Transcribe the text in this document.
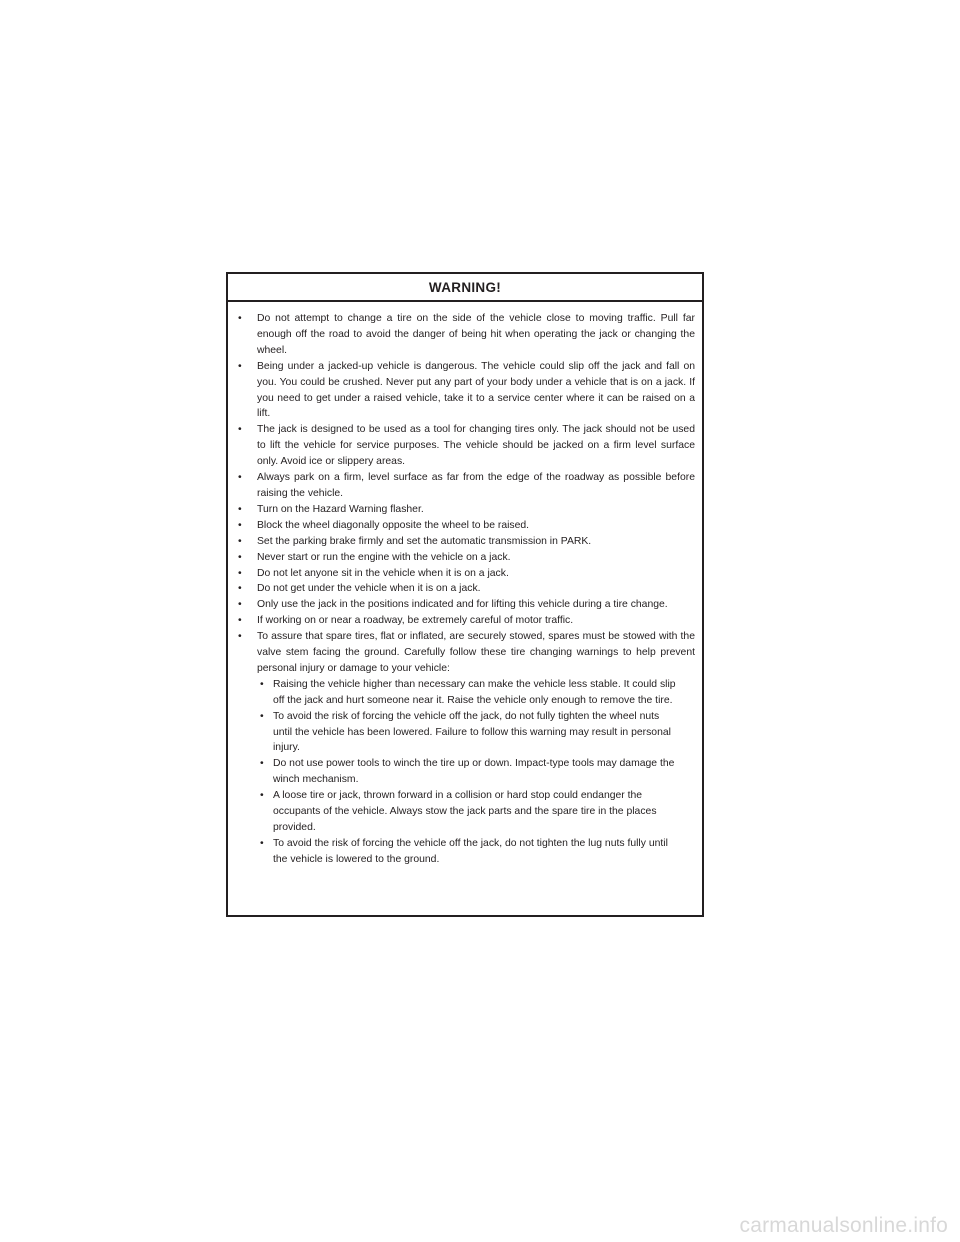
WARNING!
• Do not attempt to change a tire on the side of the vehicle close to moving traffic. Pull far enough off the road to avoid the danger of being hit when operating the jack or changing the wheel.
• Being under a jacked-up vehicle is dangerous. The vehicle could slip off the jack and fall on you. You could be crushed. Never put any part of your body under a vehicle that is on a jack. If you need to get under a raised vehicle, take it to a service center where it can be raised on a lift.
• The jack is designed to be used as a tool for changing tires only. The jack should not be used to lift the vehicle for service purposes. The vehicle should be jacked on a firm level surface only. Avoid ice or slippery areas.
• Always park on a firm, level surface as far from the edge of the roadway as possible before raising the vehicle.
• Turn on the Hazard Warning flasher.
• Block the wheel diagonally opposite the wheel to be raised.
• Set the parking brake firmly and set the automatic transmission in PARK.
• Never start or run the engine with the vehicle on a jack.
• Do not let anyone sit in the vehicle when it is on a jack.
• Do not get under the vehicle when it is on a jack.
• Only use the jack in the positions indicated and for lifting this vehicle during a tire change.
• If working on or near a roadway, be extremely careful of motor traffic.
• To assure that spare tires, flat or inflated, are securely stowed, spares must be stowed with the valve stem facing the ground. Carefully follow these tire changing warnings to help prevent personal injury or damage to your vehicle:
• Raising the vehicle higher than necessary can make the vehicle less stable. It could slip off the jack and hurt someone near it. Raise the vehicle only enough to remove the tire.
• To avoid the risk of forcing the vehicle off the jack, do not fully tighten the wheel nuts until the vehicle has been lowered. Failure to follow this warning may result in personal injury.
• Do not use power tools to winch the tire up or down. Impact-type tools may damage the winch mechanism.
• A loose tire or jack, thrown forward in a collision or hard stop could endanger the occupants of the vehicle. Always stow the jack parts and the spare tire in the places provided.
• To avoid the risk of forcing the vehicle off the jack, do not tighten the lug nuts fully until the vehicle is lowered to the ground.
carmanualsonline.info
